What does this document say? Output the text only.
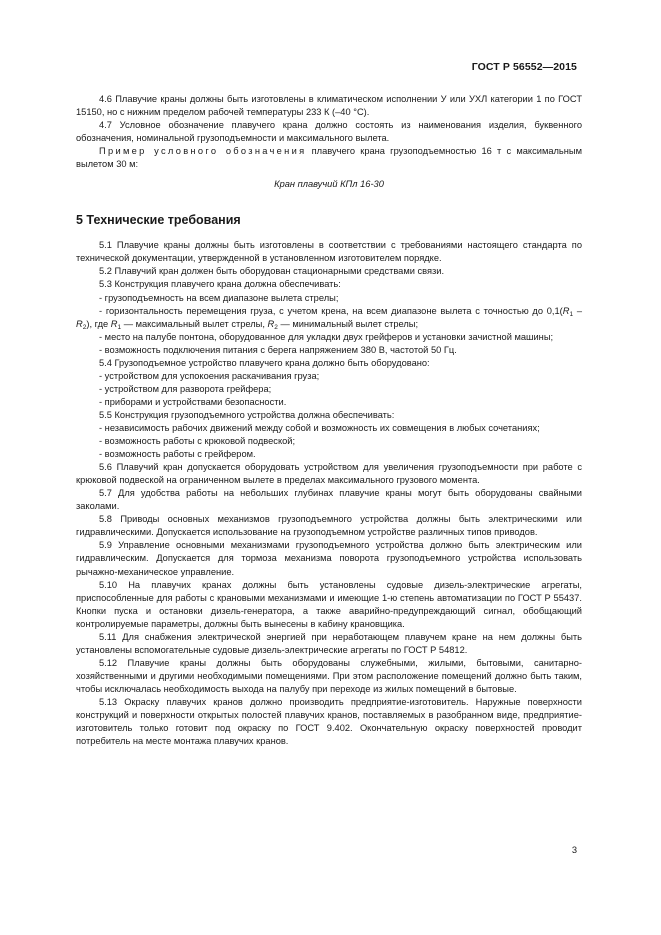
ГОСТ Р 56552—2015

4.6 Плавучие краны должны быть изготовлены в климатическом исполнении У или УХЛ категории 1 по ГОСТ 15150, но с нижним пределом рабочей температуры 233 К (–40 °С).

4.7 Условное обозначение плавучего крана должно состоять из наименования изделия, буквенного обозначения, номинальной грузоподъемности и максимального вылета.

Пример условного обозначения плавучего крана грузоподъемностью 16 т с максимальным вылетом 30 м:

Кран плавучий КПл 16-30

5 Технические требования

5.1 Плавучие краны должны быть изготовлены в соответствии с требованиями настоящего стандарта по технической документации, утвержденной в установленном изготовителем порядке.

5.2 Плавучий кран должен быть оборудован стационарными средствами связи.

5.3 Конструкция плавучего крана должна обеспечивать:

- грузоподъемность на всем диапазоне вылета стрелы;

- горизонтальность перемещения груза, с учетом крена, на всем диапазоне вылета с точностью до $0,1(R_1 - R_2)$, где $R_1$ — максимальный вылет стрелы, $R_2$ — минимальный вылет стрелы;

- место на палубе понтона, оборудованное для укладки двух грейферов и установки зачистной машины;

- возможность подключения питания с берега напряжением 380 В, частотой 50 Гц.

5.4 Грузоподъемное устройство плавучего крана должно быть оборудовано:

- устройством для успокоения раскачивания груза;

- устройством для разворота грейфера;

- приборами и устройствами безопасности.

5.5 Конструкция грузоподъемного устройства должна обеспечивать:

- независимость рабочих движений между собой и возможность их совмещения в любых сочетаниях;

- возможность работы с крюковой подвеской;

- возможность работы с грейфером.

5.6 Плавучий кран допускается оборудовать устройством для увеличения грузоподъемности при работе с крюковой подвеской на ограниченном вылете в пределах максимального грузового момента.

5.7 Для удобства работы на небольших глубинах плавучие краны могут быть оборудованы свайными заколами.

5.8 Приводы основных механизмов грузоподъемного устройства должны быть электрическими или гидравлическими. Допускается использование на грузоподъемном устройстве различных типов приводов.

5.9 Управление основными механизмами грузоподъемного устройства должно быть электрическим или гидравлическим. Допускается для тормоза механизма поворота грузоподъемного устройства использовать рычажно-механическое управление.

5.10 На плавучих кранах должны быть установлены судовые дизель-электрические агрегаты, приспособленные для работы с крановыми механизмами и имеющие 1-ю степень автоматизации по ГОСТ Р 55437. Кнопки пуска и остановки дизель-генератора, а также аварийно-предупреждающий сигнал, обобщающий контролируемые параметры, должны быть вынесены в кабину крановщика.

5.11 Для снабжения электрической энергией при неработающем плавучем кране на нем должны быть установлены вспомогательные судовые дизель-электрические агрегаты по ГОСТ Р 54812.

5.12 Плавучие краны должны быть оборудованы служебными, жилыми, бытовыми, санитарно-хозяйственными и другими необходимыми помещениями. При этом расположение помещений должно быть таким, чтобы исключалась необходимость выхода на палубу при переходе из жилых помещений в бытовые.

5.13 Окраску плавучих кранов должно производить предприятие-изготовитель. Наружные поверхности конструкций и поверхности открытых полостей плавучих кранов, поставляемых в разобранном виде, предприятие-изготовитель только готовит под окраску по ГОСТ 9.402. Окончательную окраску поверхностей проводит потребитель на месте монтажа плавучих кранов.

3
